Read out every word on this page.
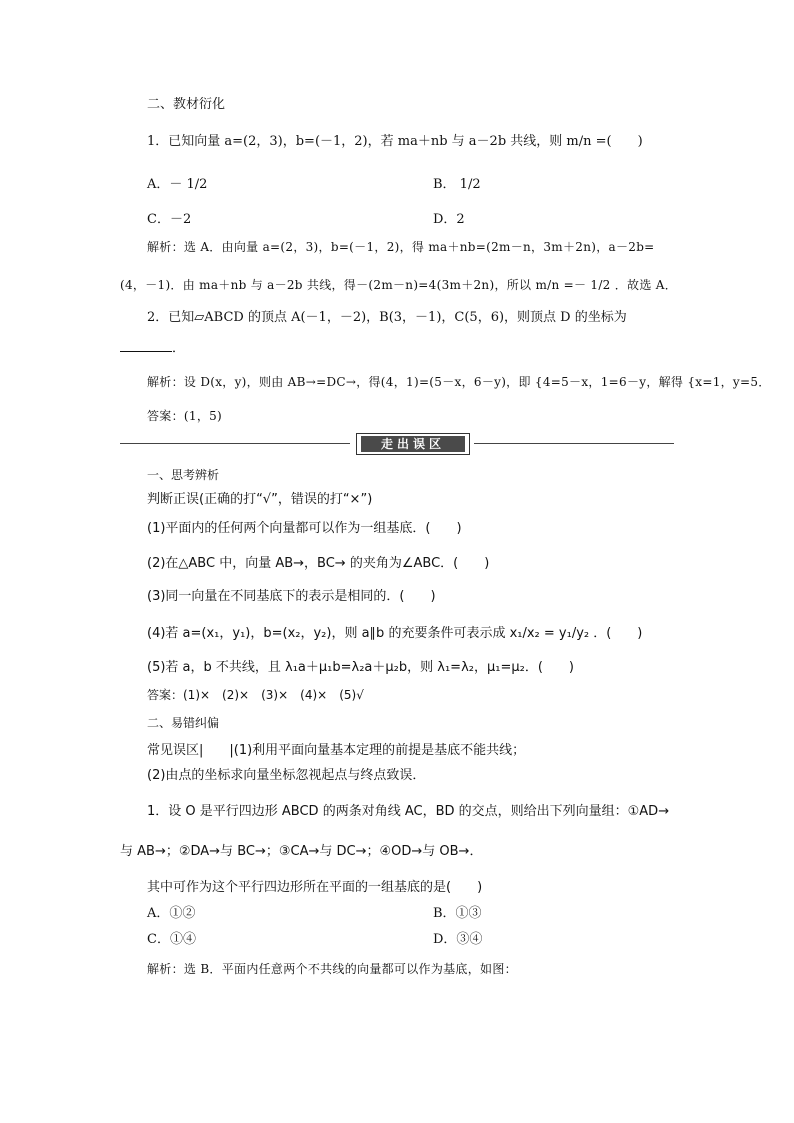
二、教材衍化
1．已知向量 a=(2，3)，b=(－1，2)，若 ma＋nb 与 a－2b 共线，则 m/n =(　　)
A．－ 1/2	B． 1/2
C．－2	D．2
解析：选 A．由向量 a=(2，3)，b=(－1，2)，得 ma＋nb=(2m－n，3m＋2n)，a－2b=
(4，－1)．由 ma＋nb 与 a－2b 共线，得－(2m－n)=4(3m＋2n)，所以 m/n =－ 1/2 ．故选 A．
2．已知▱ABCD 的顶点 A(－1，－2)，B(3，－1)，C(5，6)，则顶点 D 的坐标为
．
解析：设 D(x，y)，则由 AB→=DC→，得(4，1)=(5－x，6－y)，即 {4=5－x，1=6－y，解得 {x=1，y=5．
答案：(1，5)
走出误区
一、思考辨析
判断正误(正确的打“√”，错误的打“×”)
(1)平面内的任何两个向量都可以作为一组基底．(　　)
(2)在△ABC 中，向量 AB→，BC→ 的夹角为∠ABC．(　　)
(3)同一向量在不同基底下的表示是相同的．(　　)
(4)若 a=(x₁，y₁)，b=(x₂，y₂)，则 a∥b 的充要条件可表示成 x₁/x₂ = y₁/y₂ ．(　　)
(5)若 a，b 不共线，且 λ₁a＋μ₁b=λ₂a＋μ₂b，则 λ₁=λ₂，μ₁=μ₂．(　　)
答案：(1)×　(2)×　(3)×　(4)×　(5)√
二、易错纠偏
常见误区|　　|(1)利用平面向量基本定理的前提是基底不能共线；
(2)由点的坐标求向量坐标忽视起点与终点致误．
1．设 O 是平行四边形 ABCD 的两条对角线 AC，BD 的交点，则给出下列向量组：①AD→
与 AB→；②DA→与 BC→；③CA→与 DC→；④OD→与 OB→．
其中可作为这个平行四边形所在平面的一组基底的是(　　)
A．①②	B．①③
C．①④	D．③④
解析：选 B．平面内任意两个不共线的向量都可以作为基底，如图：
